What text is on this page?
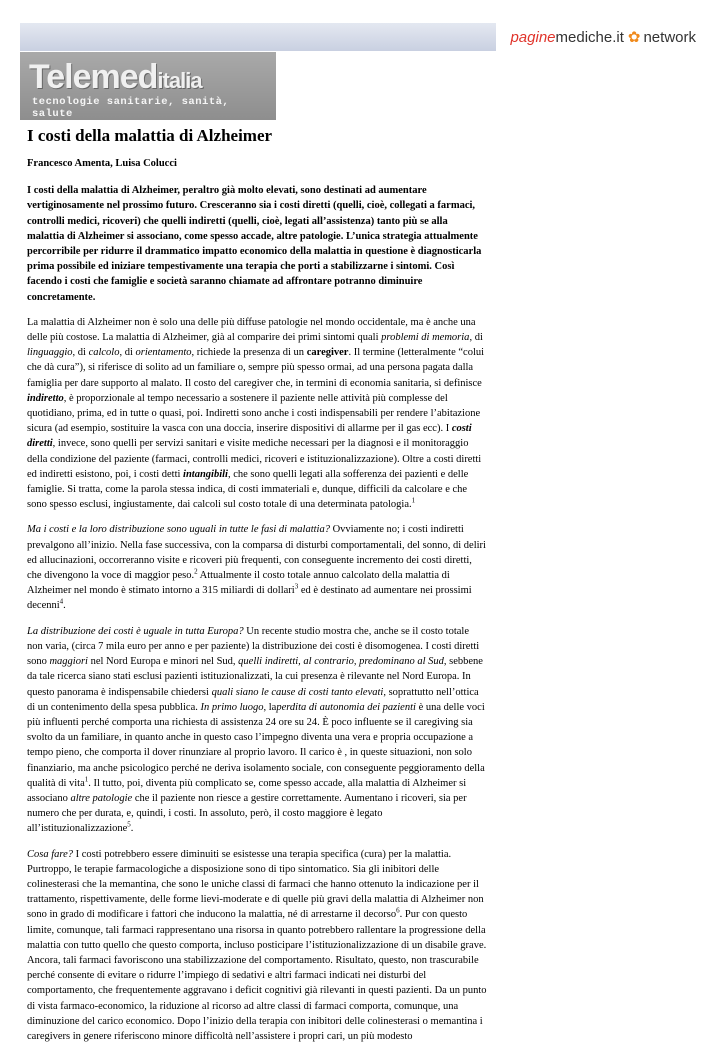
pagine mediche.it ✿ network
Telemeditalia
tecnologie sanitarie, sanità, salute
I costi della malattia di Alzheimer
Francesco Amenta, Luisa Colucci
I costi della malattia di Alzheimer, peraltro già molto elevati, sono destinati ad aumentare vertiginosamente nel prossimo futuro. Cresceranno sia i costi diretti (quelli, cioè, collegati a farmaci, controlli medici, ricoveri) che quelli indiretti (quelli, cioè, legati all’assistenza) tanto più se alla malattia di Alzheimer si associano, come spesso accade, altre patologie. L’unica strategia attualmente percorribile per ridurre il drammatico impatto economico della malattia in questione è diagnosticarla prima possibile ed iniziare tempestivamente una terapia che porti a stabilizzarne i sintomi. Così facendo i costi che famiglie e società saranno chiamate ad affrontare potranno diminuire concretamente.
La malattia di Alzheimer non è solo una delle più diffuse patologie nel mondo occidentale, ma è anche una delle più costose. La malattia di Alzheimer, già al comparire dei primi sintomi quali problemi di memoria, di linguaggio, di calcolo, di orientamento, richiede la presenza di un caregiver. Il termine (letteralmente “colui che dà cura”), si riferisce di solito ad un familiare o, sempre più spesso ormai, ad una persona pagata dalla famiglia per dare supporto al malato. Il costo del caregiver che, in termini di economia sanitaria, si definisce indiretto, è proporzionale al tempo necessario a sostenere il paziente nelle attività più complesse del quotidiano, prima, ed in tutte o quasi, poi. Indiretti sono anche i costi indispensabili per rendere l’abitazione sicura (ad esempio, sostituire la vasca con una doccia, inserire dispositivi di allarme per il gas ecc). I costi diretti, invece, sono quelli per servizi sanitari e visite mediche necessari per la diagnosi e il monitoraggio della condizione del paziente (farmaci, controlli medici, ricoveri e istituzionalizzazione). Oltre a costi diretti ed indiretti esistono, poi, i costi detti intangibili, che sono quelli legati alla sofferenza dei pazienti e delle famiglie. Si tratta, come la parola stessa indica, di costi immateriali e, dunque, difficili da calcolare e che sono spesso esclusi, ingiustamente, dai calcoli sul costo totale di una determinata patologia.$^1$
Ma i costi e la loro distribuzione sono uguali in tutte le fasi di malattia? Ovviamente no; i costi indiretti prevalgono all’inizio. Nella fase successiva, con la comparsa di disturbi comportamentali, del sonno, di deliri ed allucinazioni, occorreranno visite e ricoveri più frequenti, con conseguente incremento dei costi diretti, che divengono la voce di maggior peso.$^2$ Attualmente il costo totale annuo calcolato della malattia di Alzheimer nel mondo è stimato intorno a 315 miliardi di dollari$^3$ ed è destinato ad aumentare nei prossimi decenni$^4$.
La distribuzione dei costi è uguale in tutta Europa? Un recente studio mostra che, anche se il costo totale non varia, (circa 7 mila euro per anno e per paziente) la distribuzione dei costi è disomogenea. I costi diretti sono maggiori nel Nord Europa e minori nel Sud, quelli indiretti, al contrario, predominano al Sud, sebbene da tale ricerca siano stati esclusi pazienti istituzionalizzati, la cui presenza è rilevante nel Nord Europa. In questo panorama è indispensabile chiedersi quali siano le cause di costi tanto elevati, soprattutto nell’ottica di un contenimento della spesa pubblica. In primo luogo, laperdita di autonomia dei pazienti è una delle voci più influenti perché comporta una richiesta di assistenza 24 ore su 24. È poco influente se il caregiving sia svolto da un familiare, in quanto anche in questo caso l’impegno diventa una vera e propria occupazione a tempo pieno, che comporta il dover rinunziare al proprio lavoro. Il carico è , in queste situazioni, non solo finanziario, ma anche psicologico perché ne deriva isolamento sociale, con conseguente peggioramento della qualità di vita$^1$. Il tutto, poi, diventa più complicato se, come spesso accade, alla malattia di Alzheimer si associano altre patologie che il paziente non riesce a gestire correttamente. Aumentano i ricoveri, sia per numero che per durata, e, quindi, i costi. In assoluto, però, il costo maggiore è legato all’istituzionalizzazione$^5$.
Cosa fare? I costi potrebbero essere diminuiti se esistesse una terapia specifica (cura) per la malattia. Purtroppo, le terapie farmacologiche a disposizione sono di tipo sintomatico. Sia gli inibitori delle colinesterasi che la memantina, che sono le uniche classi di farmaci che hanno ottenuto la indicazione per il trattamento, rispettivamente, delle forme lievi-moderate e di quelle più gravi della malattia di Alzheimer non sono in grado di modificare i fattori che inducono la malattia, né di arrestarne il decorso$^6$. Pur con questo limite, comunque, tali farmaci rappresentano una risorsa in quanto potrebbero rallentare la progressione della malattia con tutto quello che questo comporta, incluso posticipare l’istituzionalizzazione di un disabile grave. Ancora, tali farmaci favoriscono una stabilizzazione del comportamento. Risultato, questo, non trascurabile perché consente di evitare o ridurre l’impiego di sedativi e altri farmaci indicati nei disturbi del comportamento, che frequentemente aggravano i deficit cognitivi già rilevanti in questi pazienti. Da un punto di vista farmaco-economico, la riduzione al ricorso ad altre classi di farmaci comporta, comunque, una diminuzione del carico economico. Dopo l’inizio della terapia con inibitori delle colinesterasi o memantina i caregivers in genere riferiscono minore difficoltà nell’assistere i propri cari, un più modesto
